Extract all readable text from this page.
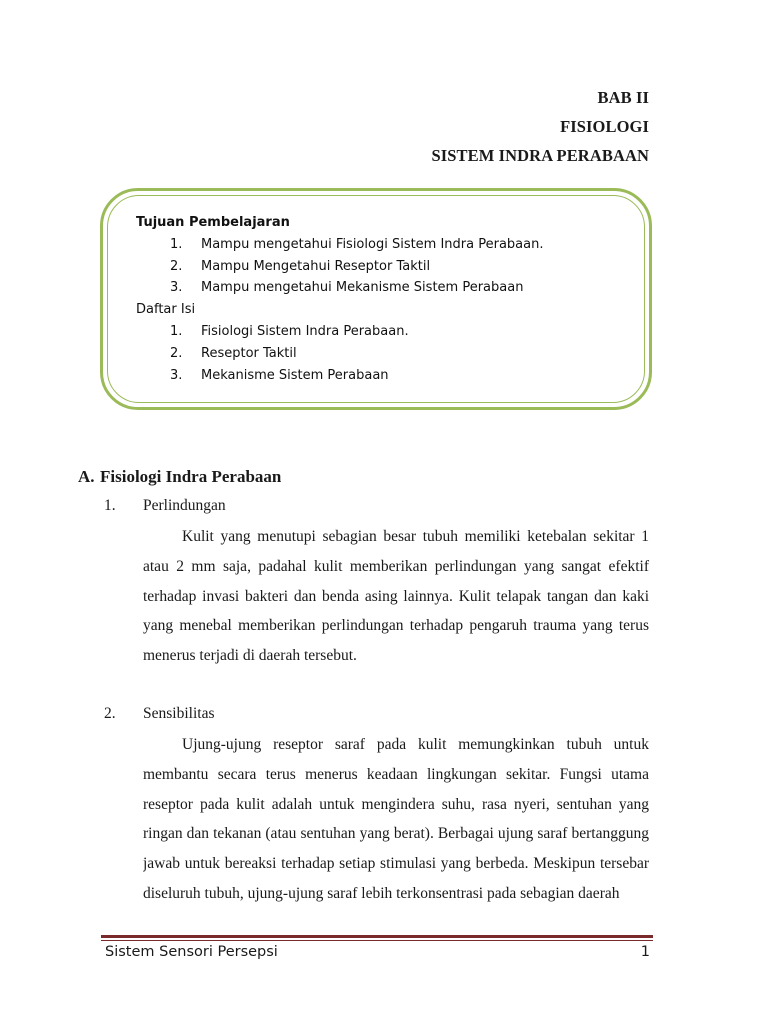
BAB II
FISIOLOGI
SISTEM INDRA PERABAAN
Tujuan Pembelajaran
1. Mampu mengetahui Fisiologi Sistem Indra Perabaan.
2. Mampu Mengetahui Reseptor Taktil
3. Mampu mengetahui Mekanisme Sistem Perabaan
Daftar Isi
1. Fisiologi Sistem Indra Perabaan.
2. Reseptor Taktil
3. Mekanisme Sistem Perabaan
A. Fisiologi Indra Perabaan
1. Perlindungan

Kulit yang menutupi sebagian besar tubuh memiliki ketebalan sekitar 1 atau 2 mm saja, padahal kulit memberikan perlindungan yang sangat efektif terhadap invasi bakteri dan benda asing lainnya. Kulit telapak tangan dan kaki yang menebal memberikan perlindungan terhadap pengaruh trauma yang terus menerus terjadi di daerah tersebut.

2. Sensibilitas

Ujung-ujung reseptor saraf pada kulit memungkinkan tubuh untuk membantu secara terus menerus keadaan lingkungan sekitar. Fungsi utama reseptor pada kulit adalah untuk mengindera suhu, rasa nyeri, sentuhan yang ringan dan tekanan (atau sentuhan yang berat). Berbagai ujung saraf bertanggung jawab untuk bereaksi terhadap setiap stimulasi yang berbeda. Meskipun tersebar diseluruh tubuh, ujung-ujung saraf lebih terkonsentrasi pada sebagian daerah

Sistem Sensori Persepsi	1
